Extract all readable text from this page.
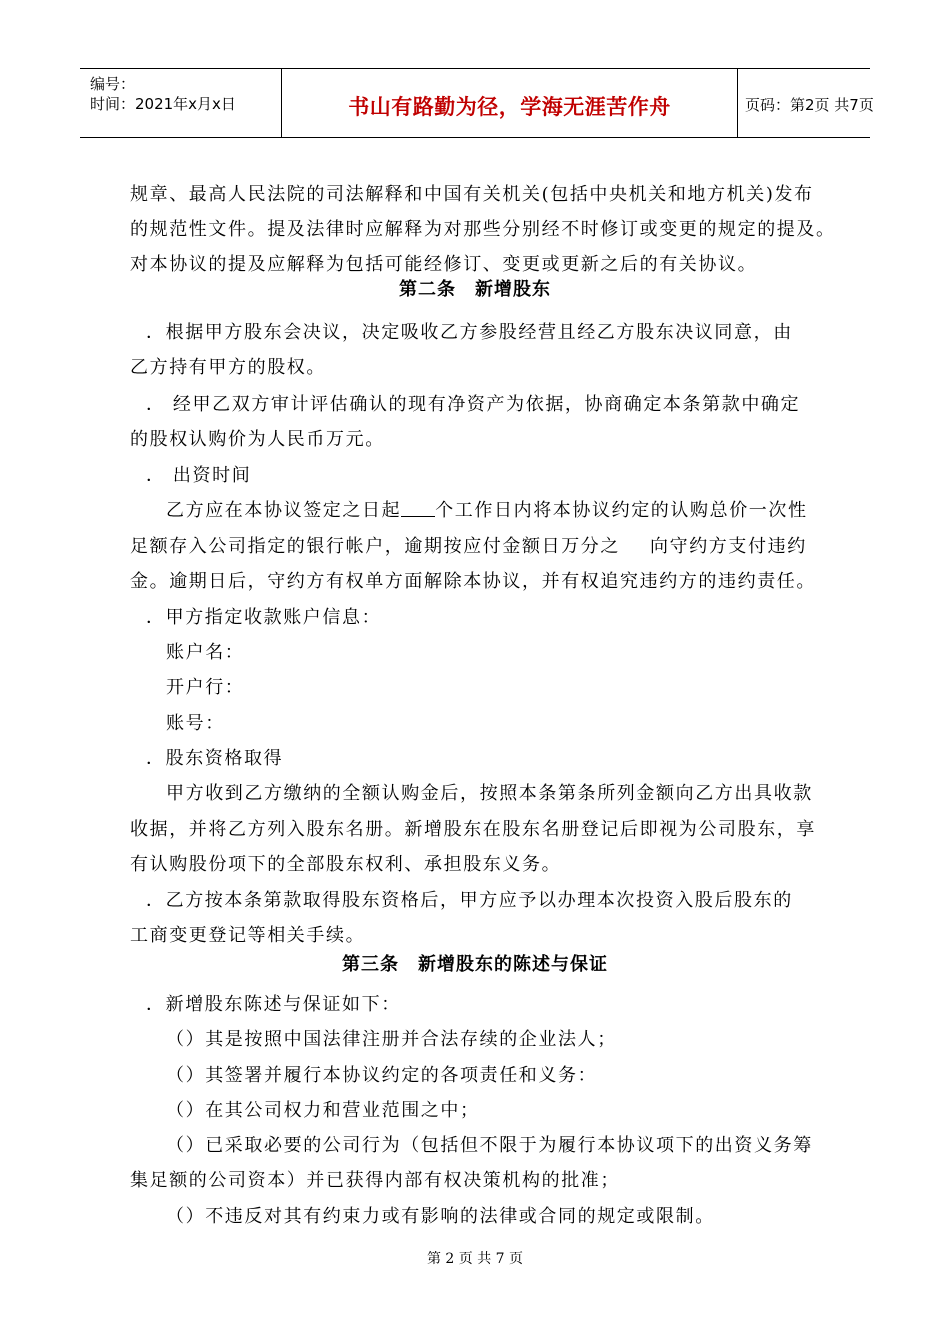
编号：
时间：2021年x月x日	书山有路勤为径，学海无涯苦作舟	页码：第2页 共7页
规章、最高人民法院的司法解释和中国有关机关(包括中央机关和地方机关)发布
的规范性文件。提及法律时应解释为对那些分别经不时修订或变更的规定的提及。
对本协议的提及应解释为包括可能经修订、变更或更新之后的有关协议。
第二条　新增股东
．根据甲方股东会决议，决定吸收乙方参股经营且经乙方股东决议同意，由
乙方持有甲方的股权。
． 经甲乙双方审计评估确认的现有净资产为依据，协商确定本条第款中确定
的股权认购价为人民币万元。
． 出资时间
乙方应在本协议签定之日起 个工作日内将本协议约定的认购总价一次性
足额存入公司指定的银行帐户，逾期按应付金额日万分之 向守约方支付违约
金。逾期日后，守约方有权单方面解除本协议，并有权追究违约方的违约责任。
．甲方指定收款账户信息：
账户名：
开户行：
账号：
．股东资格取得
甲方收到乙方缴纳的全额认购金后，按照本条第条所列金额向乙方出具收款
收据，并将乙方列入股东名册。新增股东在股东名册登记后即视为公司股东，享
有认购股份项下的全部股东权利、承担股东义务。
．乙方按本条第款取得股东资格后，甲方应予以办理本次投资入股后股东的
工商变更登记等相关手续。
第三条　新增股东的陈述与保证
．新增股东陈述与保证如下：
（）其是按照中国法律注册并合法存续的企业法人；
（）其签署并履行本协议约定的各项责任和义务：
（）在其公司权力和营业范围之中；
（）已采取必要的公司行为（包括但不限于为履行本协议项下的出资义务筹
集足额的公司资本）并已获得内部有权决策机构的批准；
（）不违反对其有约束力或有影响的法律或合同的规定或限制。
第 2 页 共 7 页
